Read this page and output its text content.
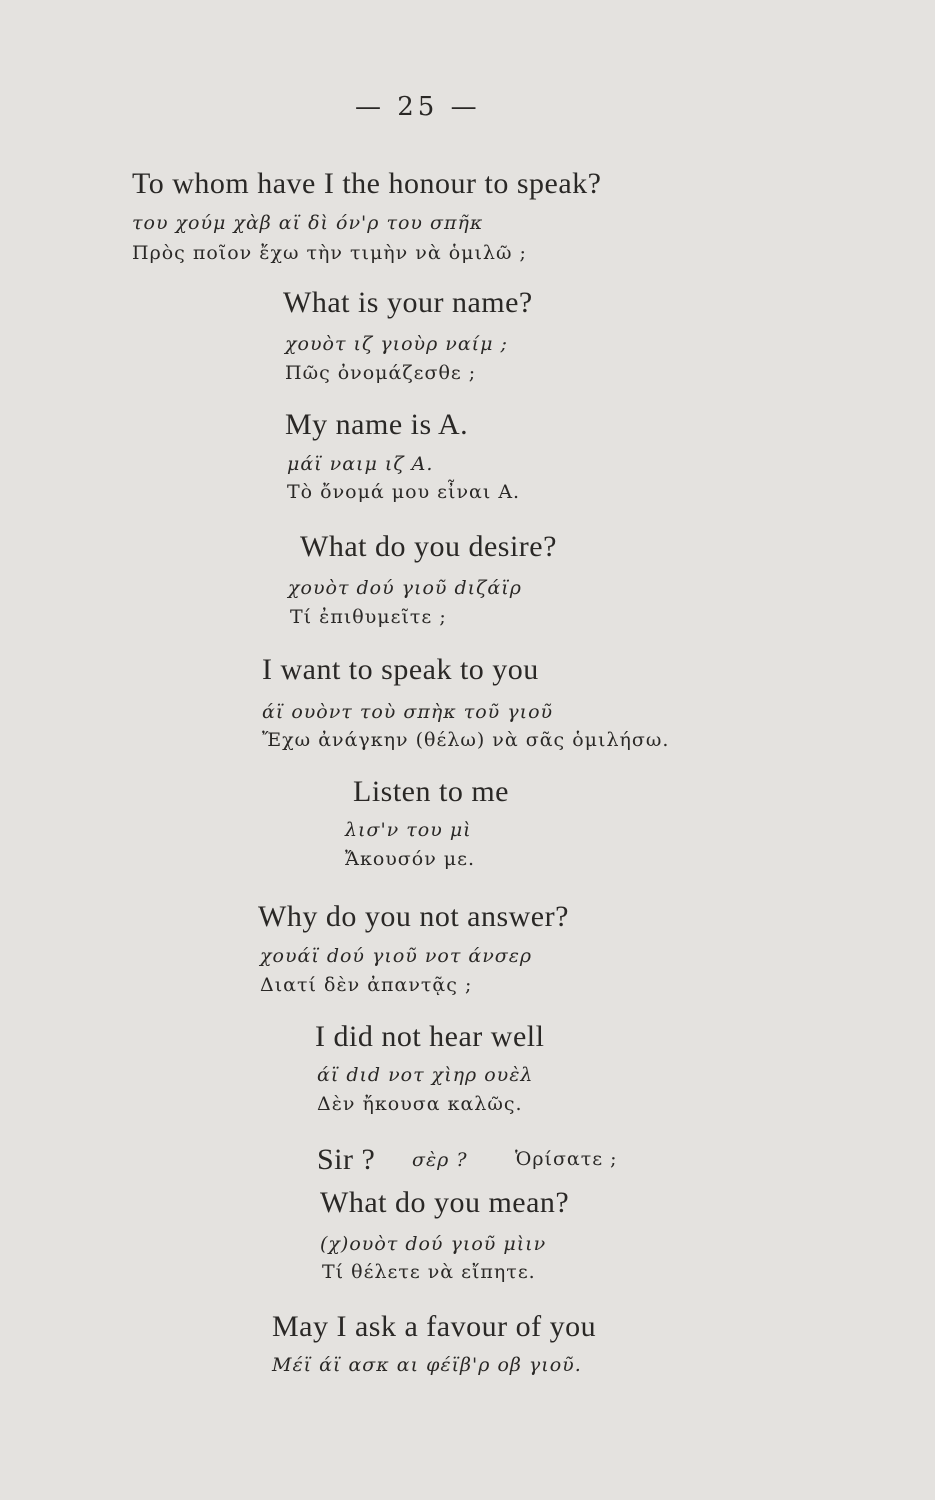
— 25 —
To whom have I the honour to speak?
του χούμ χὰβ αϊ δὶ όν'ρ του σπῆκ
Πρὸς ποῖον ἔχω τὴν τιμὴν νὰ ὁμιλῶ ;
What is your name?
χουὸτ ιζ γιοὺρ ναίμ ;
Πῶς ὀνομάζεσθε ;
My name is A.
μάϊ ναιμ ιζ Α.
Τὸ ὄνομά μου εἶναι Α.
What do you desire?
χουὸτ dού γιοῦ dιζάϊρ
Τί ἐπιθυμεῖτε ;
I want to speak to you
άϊ ουὸντ τοὺ σπὴκ τοῦ γιοῦ
Ἔχω ἀνάγκην (θέλω) νὰ σᾶς ὁμιλήσω.
Listen to me
λισ'ν του μὶ
Ἄκουσόν με.
Why do you not answer?
χουάϊ dού γιοῦ νοτ άνσερ
Διατί δὲν ἀπαντᾷς ;
I did not hear well
άϊ dιd νοτ χὶηρ ουὲλ
Δὲν ἤκουσα καλῶς.
Sir ? σὲρ ? Ὁρίσατε ;
What do you mean?
(χ)ουὸτ dού γιοῦ μὶιν
Τί θέλετε νὰ εἴπητε.
May I ask a favour of you
Μέϊ άϊ ασκ αι φέϊβ'ρ οβ γιοῦ.
